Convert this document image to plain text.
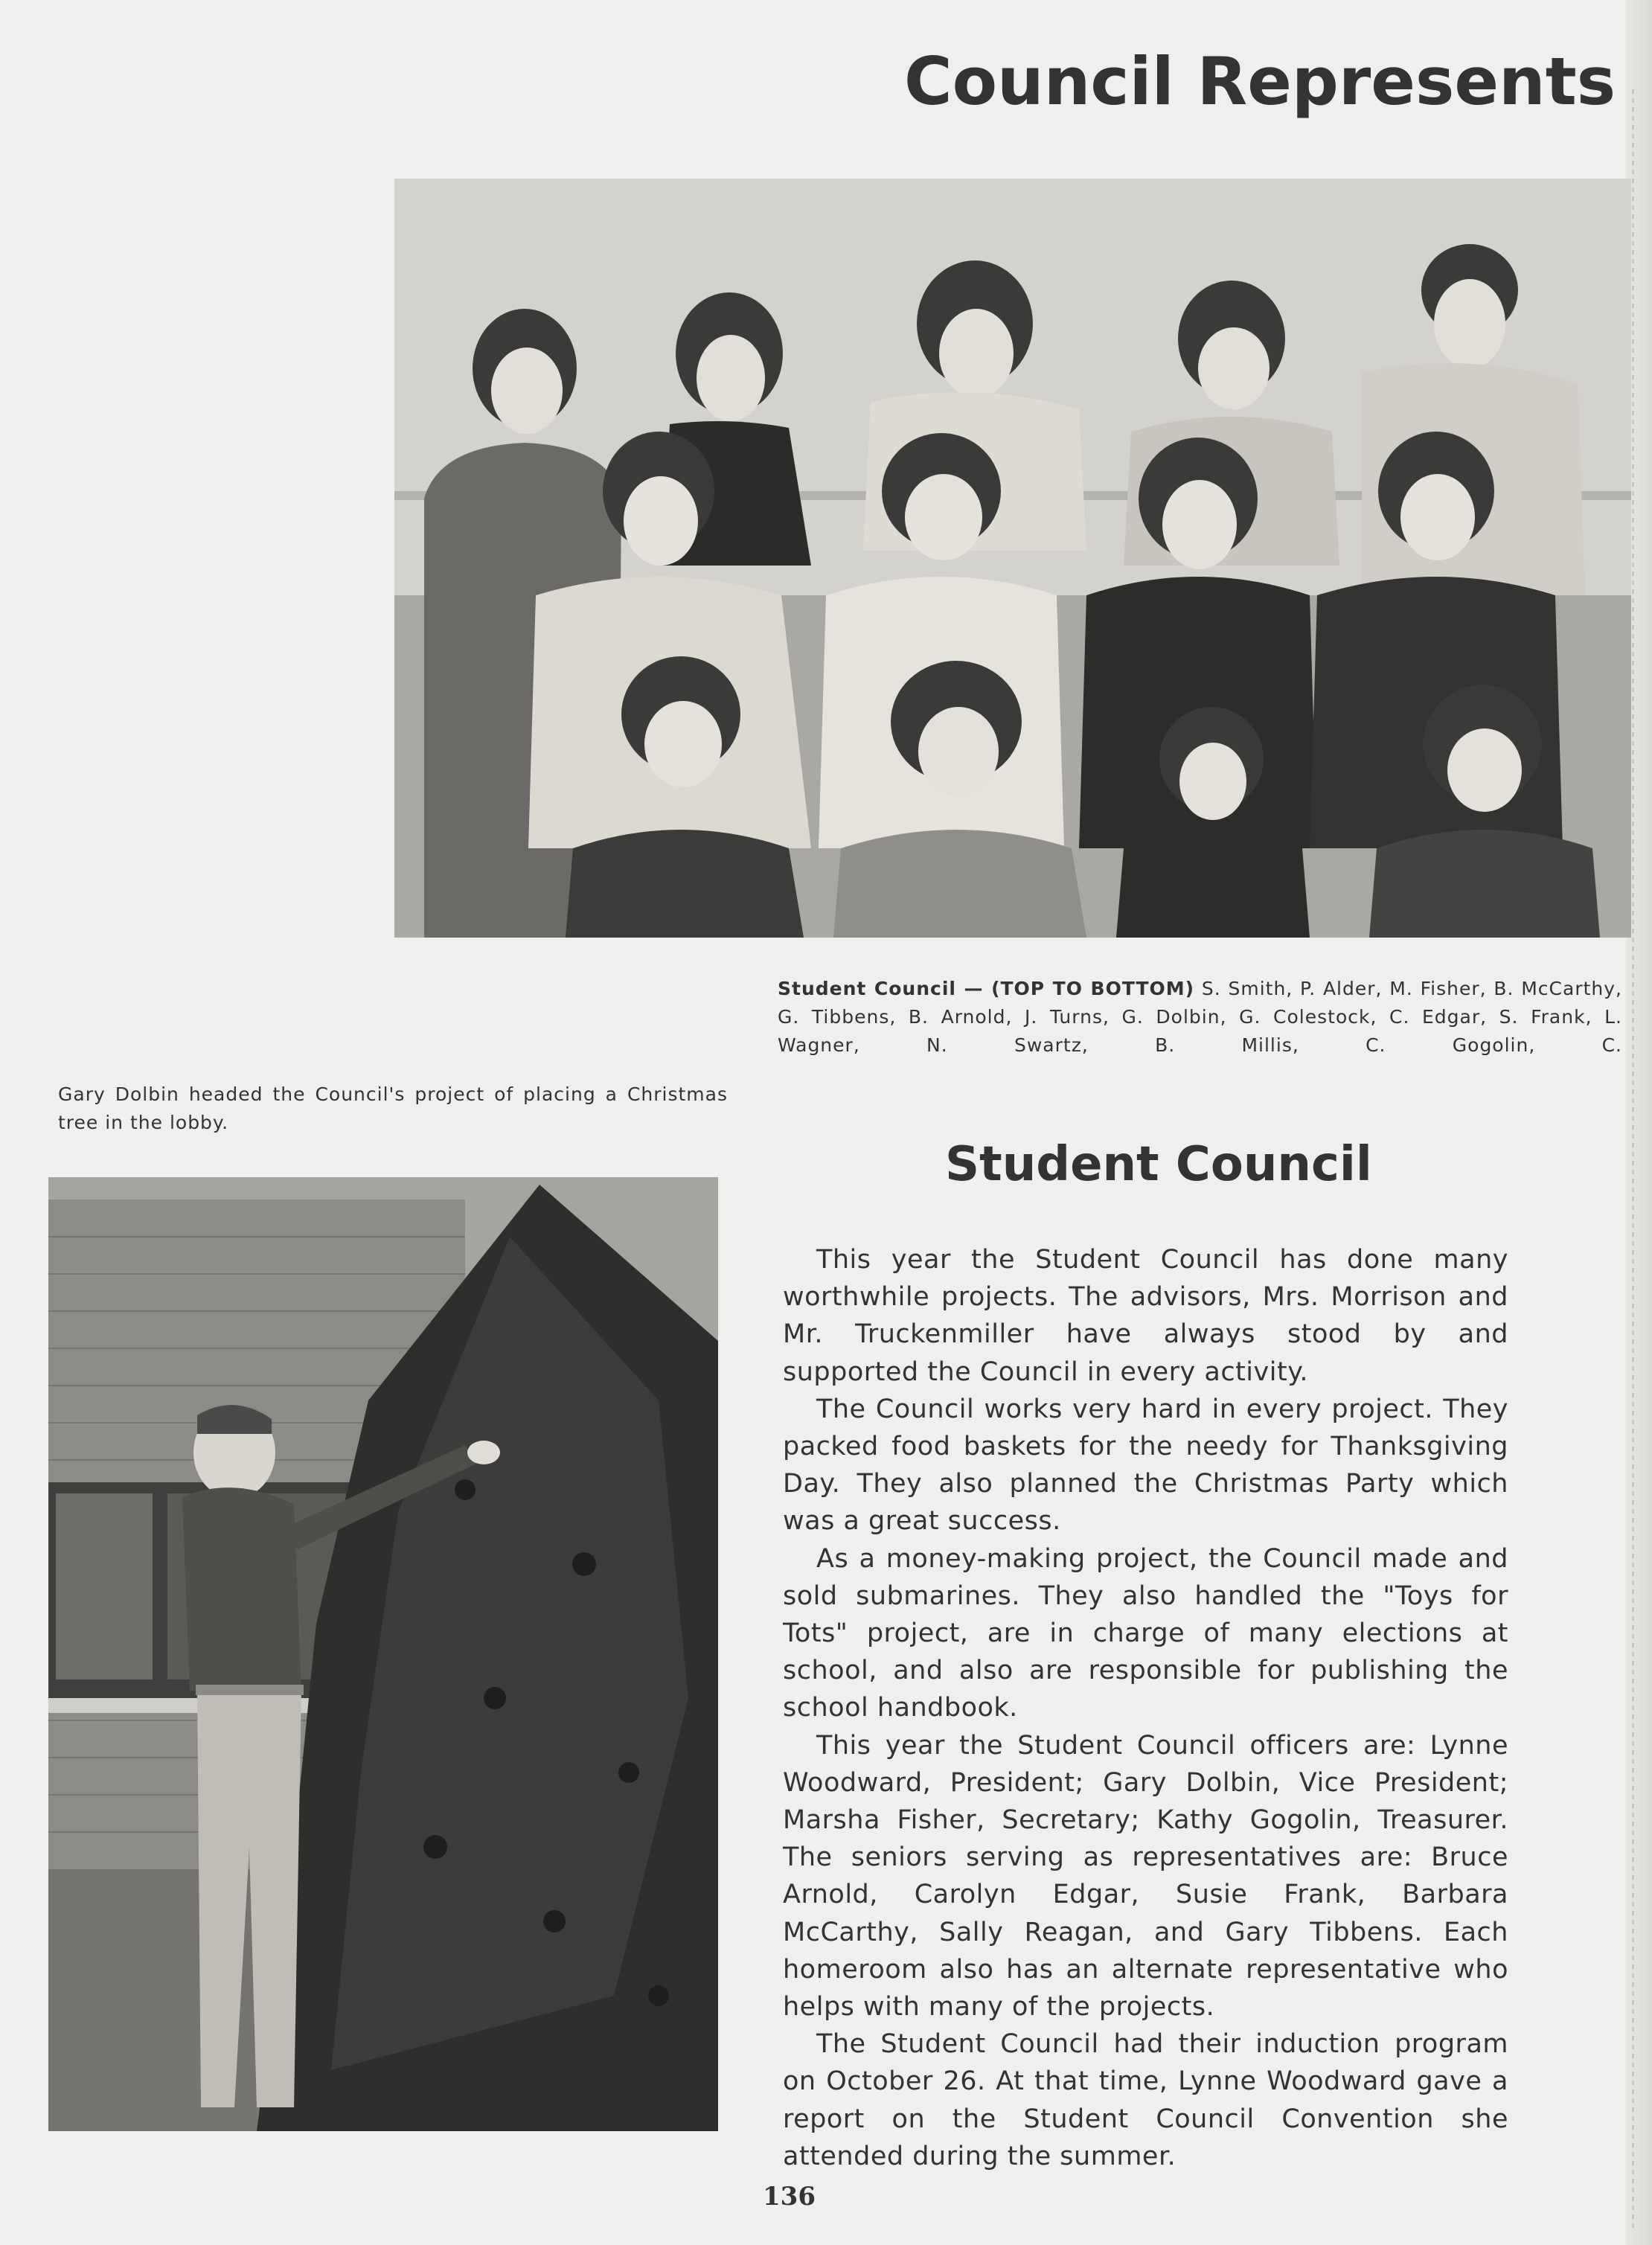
Council Represents
Student Council — (TOP TO BOTTOM) S. Smith, P. Alder, M. Fisher, B. McCarthy, G. Tibbens, B. Arnold, J. Turns, G. Dolbin, G. Colestock, C. Edgar, S. Frank, L. Wagner, N. Swartz, B. Millis, C. Gogolin, C.
Gary Dolbin headed the Council's project of placing a Christmas tree in the lobby.
Student Council

This year the Student Council has done many worthwhile projects. The advisors, Mrs. Morrison and Mr. Truckenmiller have always stood by and supported the Council in every activity.

The Council works very hard in every project. They packed food baskets for the needy for Thanksgiving Day. They also planned the Christmas Party which was a great success.

As a money-making project, the Council made and sold submarines. They also handled the "Toys for Tots" project, are in charge of many elections at school, and also are responsible for publishing the school handbook.

This year the Student Council officers are: Lynne Woodward, President; Gary Dolbin, Vice President; Marsha Fisher, Secretary; Kathy Gogolin, Treasurer. The seniors serving as representatives are: Bruce Arnold, Carolyn Edgar, Susie Frank, Barbara McCarthy, Sally Reagan, and Gary Tibbens. Each homeroom also has an alternate representative who helps with many of the projects.

The Student Council had their induction program on October 26. At that time, Lynne Woodward gave a report on the Student Council Convention she attended during the summer.

136
